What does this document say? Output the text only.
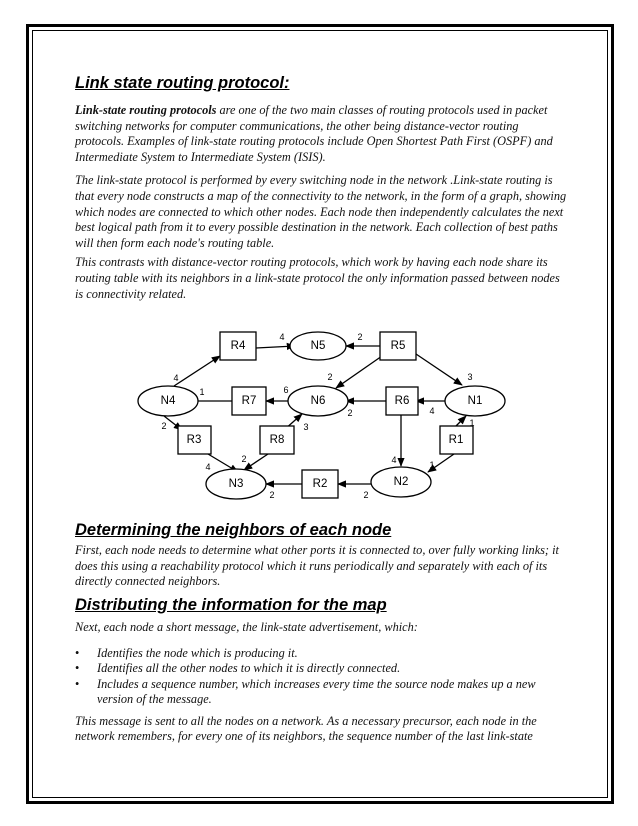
Link state routing protocol:

Link-state routing protocols are one of the two main classes of routing protocols used in packet switching networks for computer communications, the other being distance-vector routing protocols. Examples of link-state routing protocols include Open Shortest Path First (OSPF) and Intermediate System to Intermediate System (ISIS).

The link-state protocol is performed by every switching node in the network .Link-state routing is that every node constructs a map of the connectivity to the network, in the form of a graph, showing which nodes are connected to which other nodes. Each node then independently calculates the next best logical path from it to every possible destination in the network. Each collection of best paths will then form each node's routing table.

This contrasts with distance-vector routing protocols, which work by having each node share its routing table with its neighbors in a link-state protocol the only information passed between nodes is connectivity related.

Determining the neighbors of each node

First, each node needs to determine what other ports it is connected to, over fully working links; it does this using a reachability protocol which it runs periodically and separately with each of its directly connected neighbors.

Distributing the information for the map

Next, each node a short message, the link-state advertisement, which:

• Identifies the node which is producing it.
• Identifies all the other nodes to which it is directly connected.
• Includes a sequence number, which increases every time the source node makes up a new version of the message.

This message is sent to all the nodes on a network. As a necessary precursor, each node in the network remembers, for every one of its neighbors, the sequence number of the last link-state

N1
N2
N3
N4
N5
N6
R1
R2
R3
R4	R5
R6
R7
R8
4	2
2	3
4
1	6
2
2	4
1
3
4
2	4	1
2	2
